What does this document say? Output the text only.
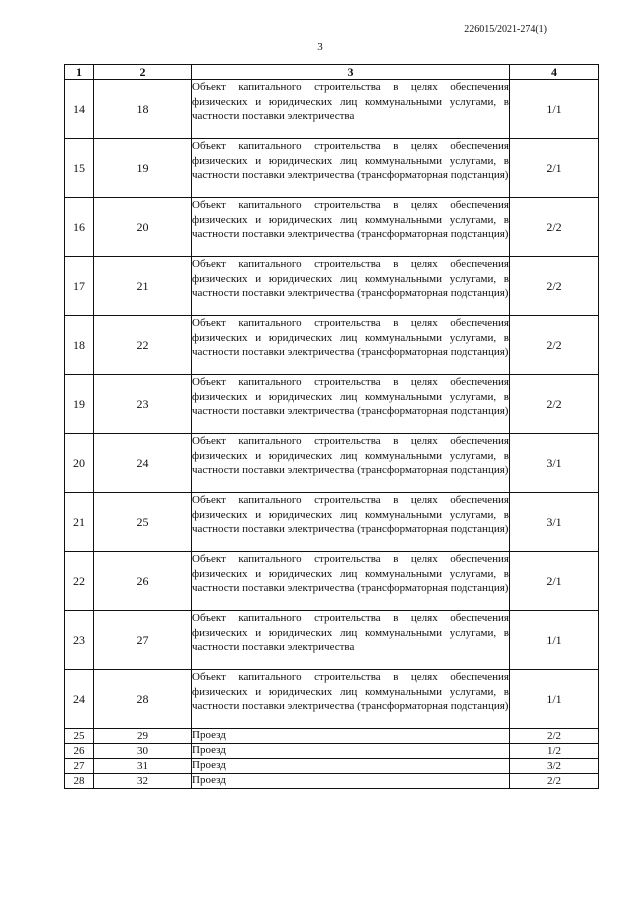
226015/2021-274(1)
3
1	2	3	4
14	18	Объект капитального строительства в целях обеспечения физических и юридических лиц коммунальными услугами, в частности поставки электричества	1/1
15	19	Объект капитального строительства в целях обеспечения физических и юридических лиц коммунальными услугами, в частности поставки электричества (трансформаторная подстанция)	2/1
16	20	Объект капитального строительства в целях обеспечения физических и юридических лиц коммунальными услугами, в частности поставки электричества (трансформаторная подстанция)	2/2
17	21	Объект капитального строительства в целях обеспечения физических и юридических лиц коммунальными услугами, в частности поставки электричества (трансформаторная подстанция)	2/2
18	22	Объект капитального строительства в целях обеспечения физических и юридических лиц коммунальными услугами, в частности поставки электричества (трансформаторная подстанция)	2/2
19	23	Объект капитального строительства в целях обеспечения физических и юридических лиц коммунальными услугами, в частности поставки электричества (трансформаторная подстанция)	2/2
20	24	Объект капитального строительства в целях обеспечения физических и юридических лиц коммунальными услугами, в частности поставки электричества (трансформаторная подстанция)	3/1
21	25	Объект капитального строительства в целях обеспечения физических и юридических лиц коммунальными услугами, в частности поставки электричества (трансформаторная подстанция)	3/1
22	26	Объект капитального строительства в целях обеспечения физических и юридических лиц коммунальными услугами, в частности поставки электричества (трансформаторная подстанция)	2/1
23	27	Объект капитального строительства в целях обеспечения физических и юридических лиц коммунальными услугами, в частности поставки электричества	1/1
24	28	Объект капитального строительства в целях обеспечения физических и юридических лиц коммунальными услугами, в частности поставки электричества (трансформаторная подстанция)	1/1
25	29	Проезд	2/2
26	30	Проезд	1/2
27	31	Проезд	3/2
28	32	Проезд	2/2
